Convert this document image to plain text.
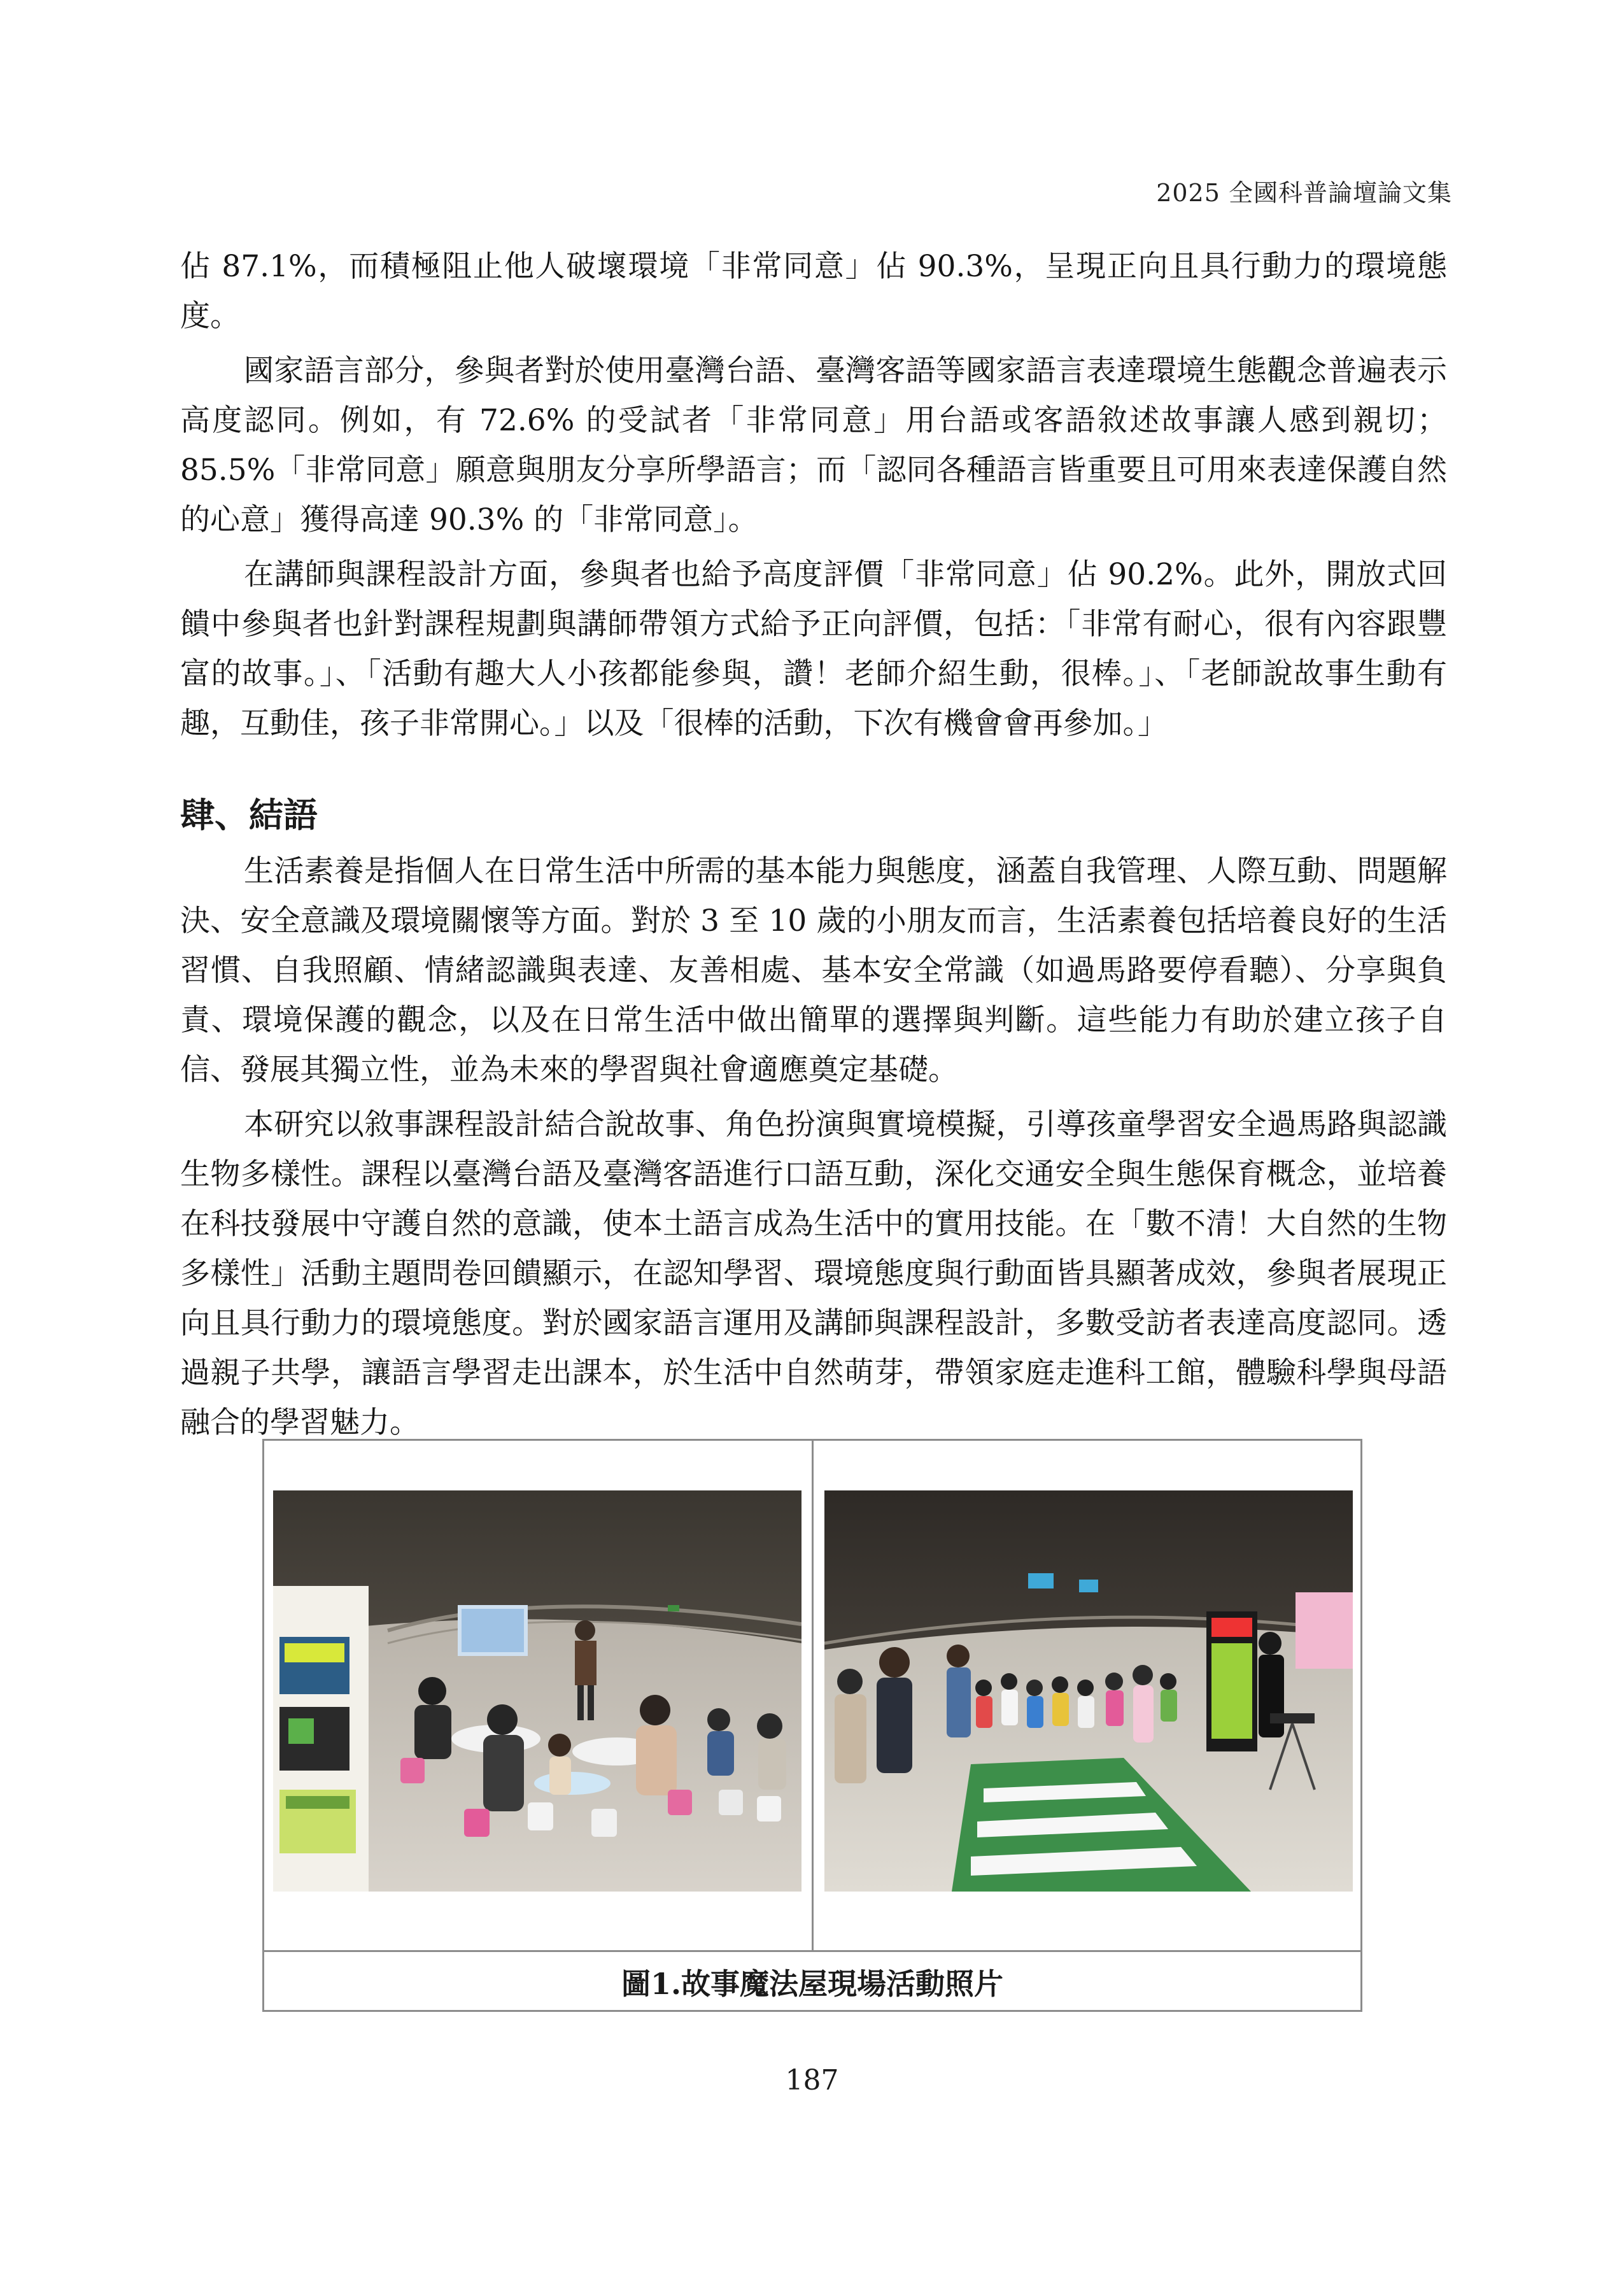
2025 全國科普論壇論文集

佔 87.1%，而積極阻止他人破壞環境「非常同意」佔 90.3%，呈現正向且具行動力的環境態度。

國家語言部分，參與者對於使用臺灣台語、臺灣客語等國家語言表達環境生態觀念普遍表示高度認同。例如，有 72.6% 的受試者「非常同意」用台語或客語敘述故事讓人感到親切；85.5%「非常同意」願意與朋友分享所學語言；而「認同各種語言皆重要且可用來表達保護自然的心意」獲得高達 90.3% 的「非常同意」。

在講師與課程設計方面，參與者也給予高度評價「非常同意」佔 90.2%。此外，開放式回饋中參與者也針對課程規劃與講師帶領方式給予正向評價，包括：「非常有耐心，很有內容跟豐富的故事。」、「活動有趣大人小孩都能參與，讚！老師介紹生動，很棒。」、「老師說故事生動有趣，互動佳，孩子非常開心。」以及「很棒的活動，下次有機會會再參加。」

肆、結語

生活素養是指個人在日常生活中所需的基本能力與態度，涵蓋自我管理、人際互動、問題解決、安全意識及環境關懷等方面。對於 3 至 10 歲的小朋友而言，生活素養包括培養良好的生活習慣、自我照顧、情緒認識與表達、友善相處、基本安全常識（如過馬路要停看聽）、分享與負責、環境保護的觀念，以及在日常生活中做出簡單的選擇與判斷。這些能力有助於建立孩子自信、發展其獨立性，並為未來的學習與社會適應奠定基礎。

本研究以敘事課程設計結合說故事、角色扮演與實境模擬，引導孩童學習安全過馬路與認識生物多樣性。課程以臺灣台語及臺灣客語進行口語互動，深化交通安全與生態保育概念，並培養在科技發展中守護自然的意識，使本土語言成為生活中的實用技能。在「數不清！大自然的生物多樣性」活動主題問卷回饋顯示，在認知學習、環境態度與行動面皆具顯著成效，參與者展現正向且具行動力的環境態度。對於國家語言運用及講師與課程設計，多數受訪者表達高度認同。透過親子共學，讓語言學習走出課本，於生活中自然萌芽，帶領家庭走進科工館，體驗科學與母語融合的學習魅力。

圖1.故事魔法屋現場活動照片
187
